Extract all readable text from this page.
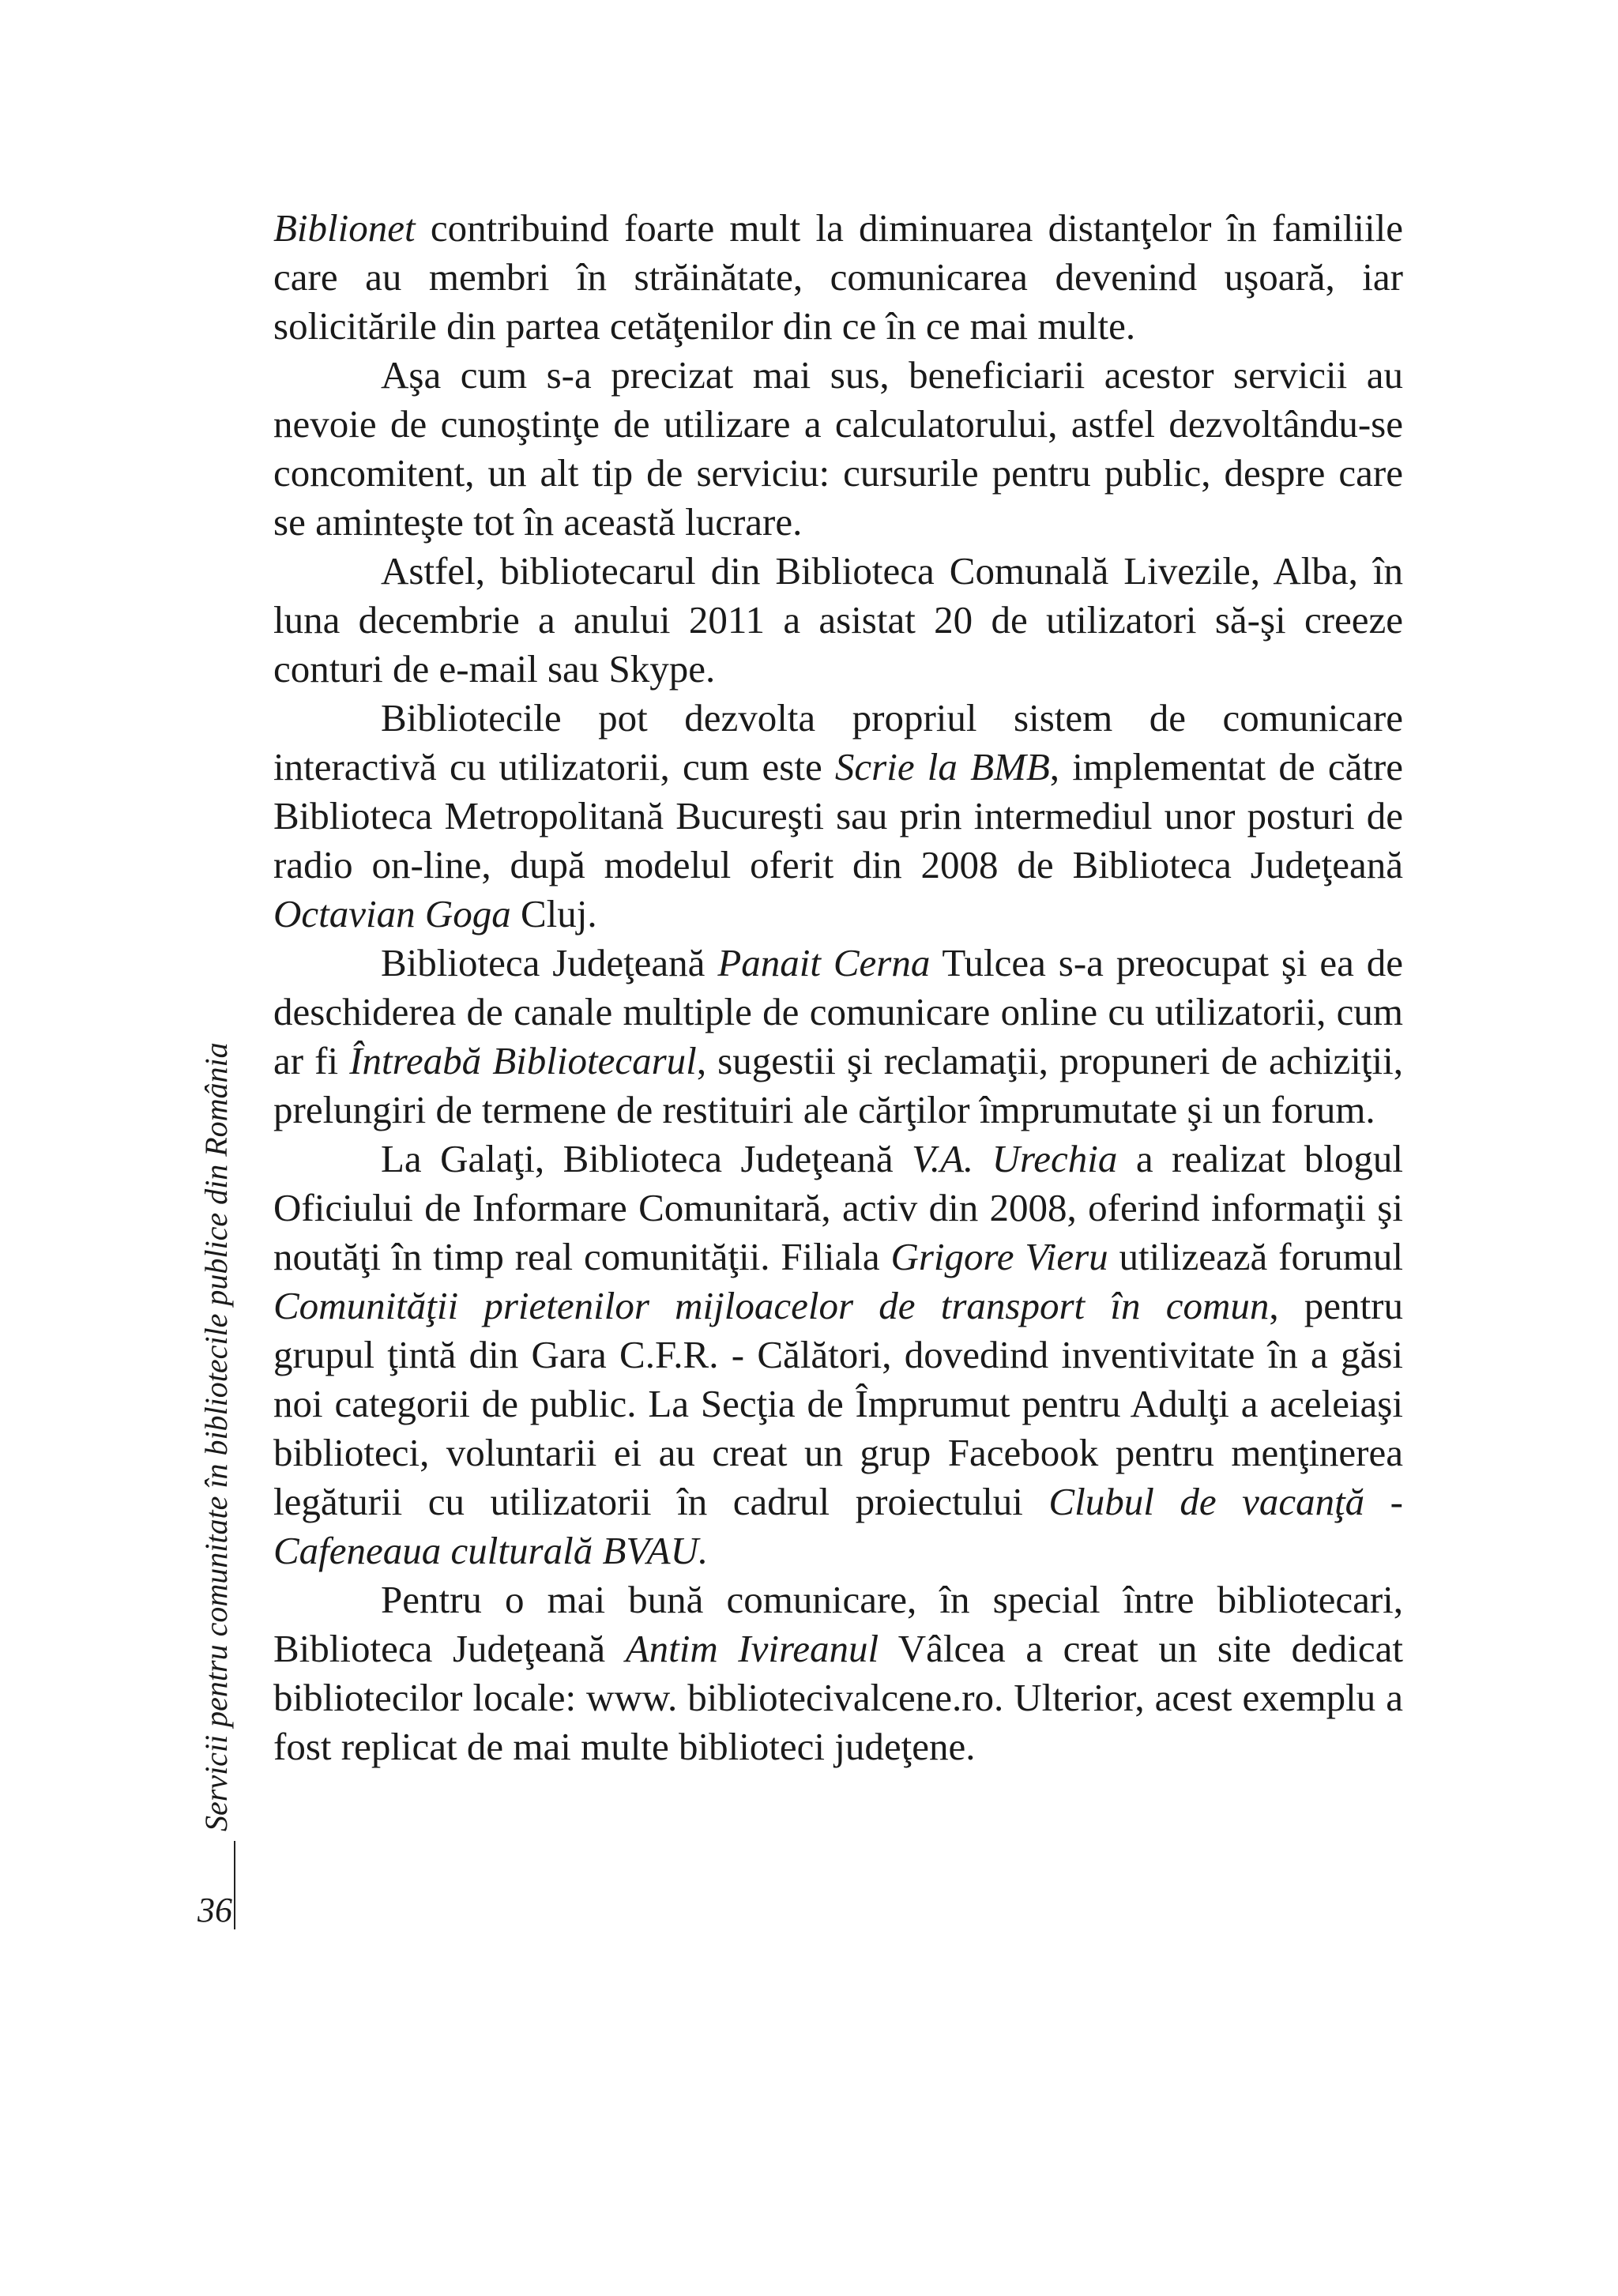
Servicii pentru comunitate în bibliotecile publice din România
36

Biblionet contribuind foarte mult la diminuarea distanţelor în familiile care au membri în străinătate, comunicarea devenind uşoară, iar solicitările din partea cetăţenilor din ce în ce mai multe.

Aşa cum s-a precizat mai sus, beneficiarii acestor servicii au nevoie de cunoştinţe de utilizare a calculatorului, astfel dezvoltându-se concomitent, un alt tip de serviciu: cursurile pentru public, despre care se aminteşte tot în această lucrare.

Astfel, bibliotecarul din Biblioteca Comunală Livezile, Alba, în luna decembrie a anului 2011 a asistat 20 de utilizatori să-şi creeze conturi de e-mail sau Skype.

Bibliotecile pot dezvolta propriul sistem de comunicare interactivă cu utilizatorii, cum este Scrie la BMB, implementat de către Biblioteca Metropolitană Bucureşti sau prin intermediul unor posturi de radio on-line, după modelul oferit din 2008 de Biblioteca Judeţeană Octavian Goga Cluj.

Biblioteca Judeţeană Panait Cerna Tulcea s-a preocupat şi ea de deschiderea de canale multiple de comunicare online cu utilizatorii, cum ar fi Întreabă Bibliotecarul, sugestii şi reclamaţii, propuneri de achiziţii, prelungiri de termene de restituiri ale cărţilor împrumutate şi un forum.

La Galaţi, Biblioteca Judeţeană V.A. Urechia a realizat blogul Oficiului de Informare Comunitară, activ din 2008, oferind informaţii şi noutăţi în timp real comunităţii. Filiala Grigore Vieru utilizează forumul Comunităţii prietenilor mijloacelor de transport în comun, pentru grupul ţintă din Gara C.F.R. - Călători, dovedind inventivitate în a găsi noi categorii de public. La Secţia de Împrumut pentru Adulţi a aceleiaşi biblioteci, voluntarii ei au creat un grup Facebook pentru menţinerea legăturii cu utilizatorii în cadrul proiectului Clubul de vacanţă - Cafeneaua culturală BVAU.

Pentru o mai bună comunicare, în special între bibliotecari, Biblioteca Judeţeană Antim Ivireanul Vâlcea a creat un site dedicat bibliotecilor locale: www. bibliotecivalcene.ro. Ulterior, acest exemplu a fost replicat de mai multe biblioteci judeţene.
